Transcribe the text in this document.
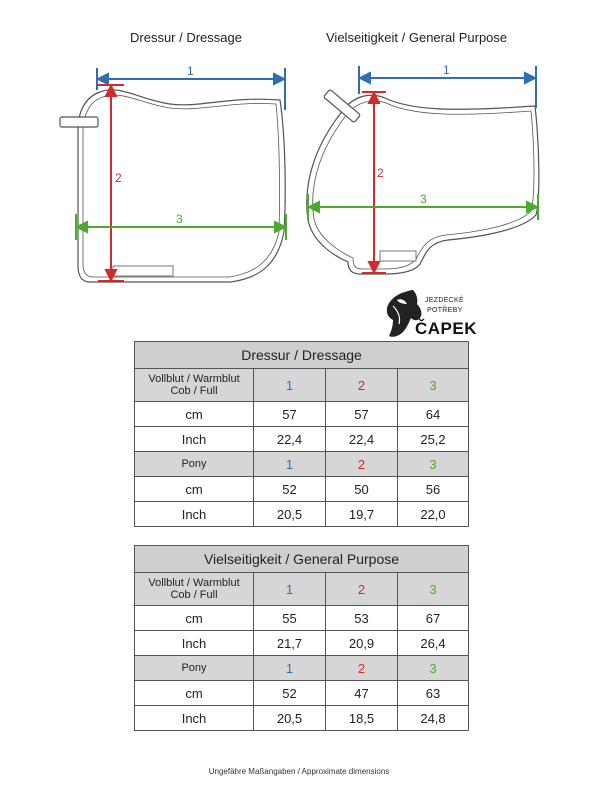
Dressur / Dressage	Vielseitigkeit / General Purpose
1
2
3
1
2
3
JEZDECKÉ
POTŘEBY
ČAPEK
Dressur / Dressage			
Vollblut / Warmblut
Cob / Full	1	2	3
cm	57	57	64
Inch	22,4	22,4	25,2
Pony	1	2	3
cm	52	50	56
Inch	20,5	19,7	22,0
Vielseitigkeit / General Purpose			
Vollblut / Warmblut
Cob / Full	1	2	3
cm	55	53	67
Inch	21,7	20,9	26,4
Pony	1	2	3
cm	52	47	63
Inch	20,5	18,5	24,8
Ungefähre Maßangaben / Approximate dimensions
